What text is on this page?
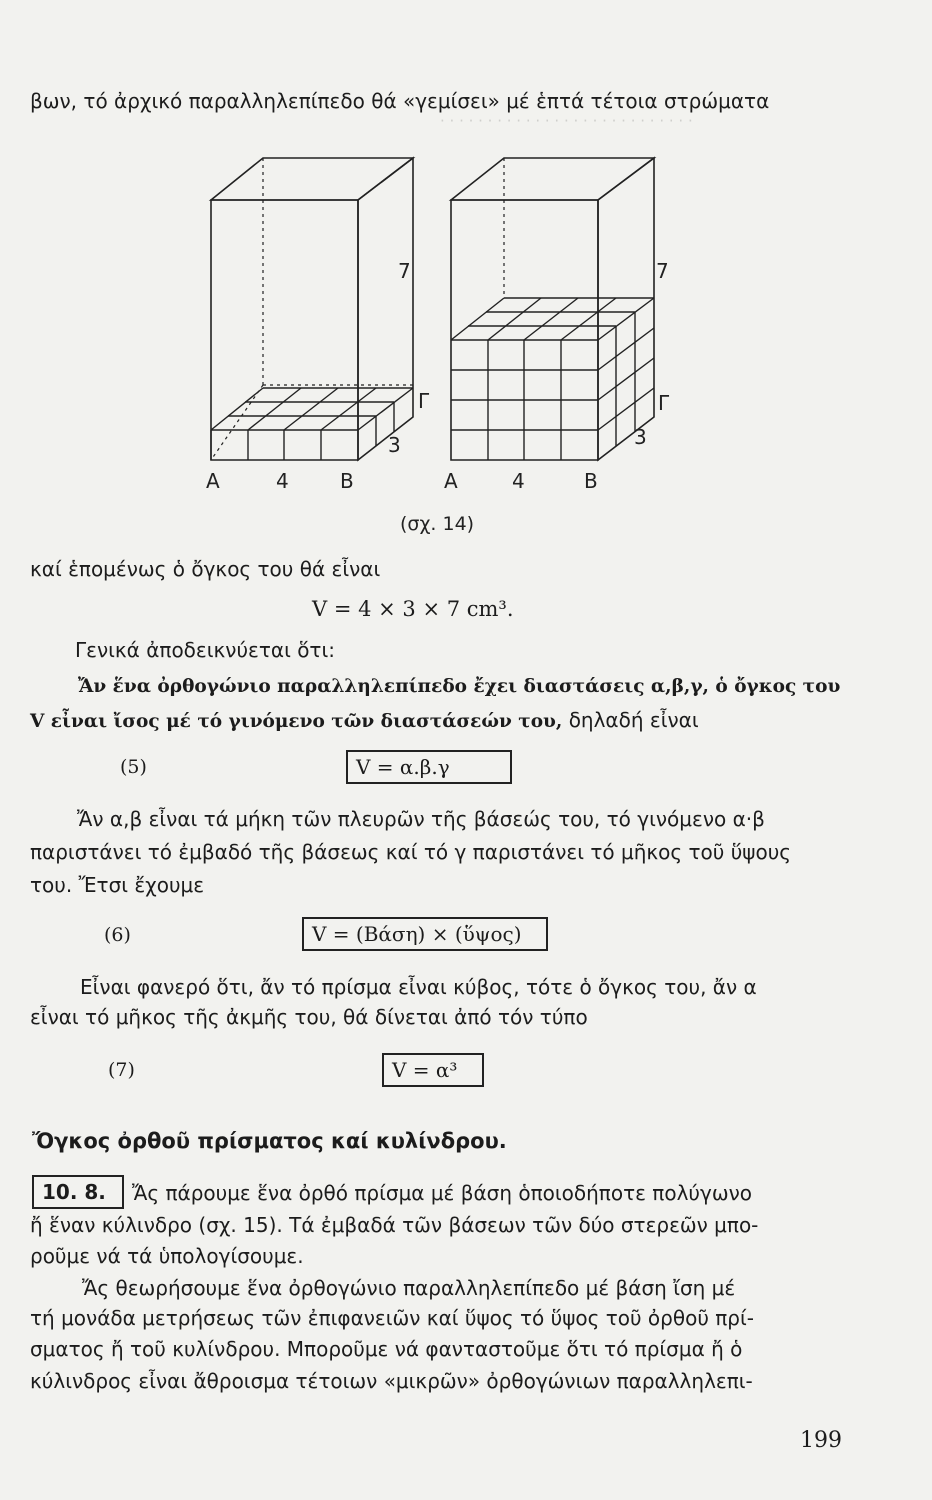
· · · · · · · · · · · · · · · · · · · · · · · · · · ·
βων, τό ἀρχικό παραλληλεπίπεδο θά «γεμίσει» μέ ἑπτά τέτοια στρώματα
7
Γ
3
Α	4	Β
7
Γ
3
Α	4	Β
(σχ. 14)
καί ἑπομένως ὁ ὄγκος του θά εἶναι
V = 4 × 3 × 7 cm³.
Γενικά ἀποδεικνύεται ὅτι:
Ἄν ἕνα ὀρθογώνιο παραλληλεπίπεδο ἔχει διαστάσεις α,β,γ, ὁ ὄγκος του
V εἶναι ἴσος μέ τό γινόμενο τῶν διαστάσεών του, δηλαδή εἶναι
(5)	V = α.β.γ
Ἄν α,β εἶναι τά μήκη τῶν πλευρῶν τῆς βάσεώς του, τό γινόμενο α·β
παριστάνει τό ἐμβαδό τῆς βάσεως καί τό γ παριστάνει τό μῆκος τοῦ ὕψους
του. Ἔτσι ἔχουμε
(6)	V = (Βάση) × (ὕψος)
Εἶναι φανερό ὅτι, ἄν τό πρίσμα εἶναι κύβος, τότε ὁ ὄγκος του, ἄν α
εἶναι τό μῆκος τῆς ἀκμῆς του, θά δίνεται ἀπό τόν τύπο
(7)	V = α³
Ὄγκος ὀρθοῦ πρίσματος καί κυλίνδρου.
10. 8.	Ἄς πάρουμε ἕνα ὀρθό πρίσμα μέ βάση ὁποιοδήποτε πολύγωνο
ἤ ἕναν κύλινδρο (σχ. 15). Τά ἐμβαδά τῶν βάσεων τῶν δύο στερεῶν μπο-
ροῦμε νά τά ὑπολογίσουμε.
Ἄς θεωρήσουμε ἕνα ὀρθογώνιο παραλληλεπίπεδο μέ βάση ἴση μέ
τή μονάδα μετρήσεως τῶν ἐπιφανειῶν καί ὕψος τό ὕψος τοῦ ὀρθοῦ πρί-
σματος ἤ τοῦ κυλίνδρου. Μποροῦμε νά φανταστοῦμε ὅτι τό πρίσμα ἤ ὁ
κύλινδρος εἶναι ἄθροισμα τέτοιων «μικρῶν» ὀρθογώνιων παραλληλεπι-
199
